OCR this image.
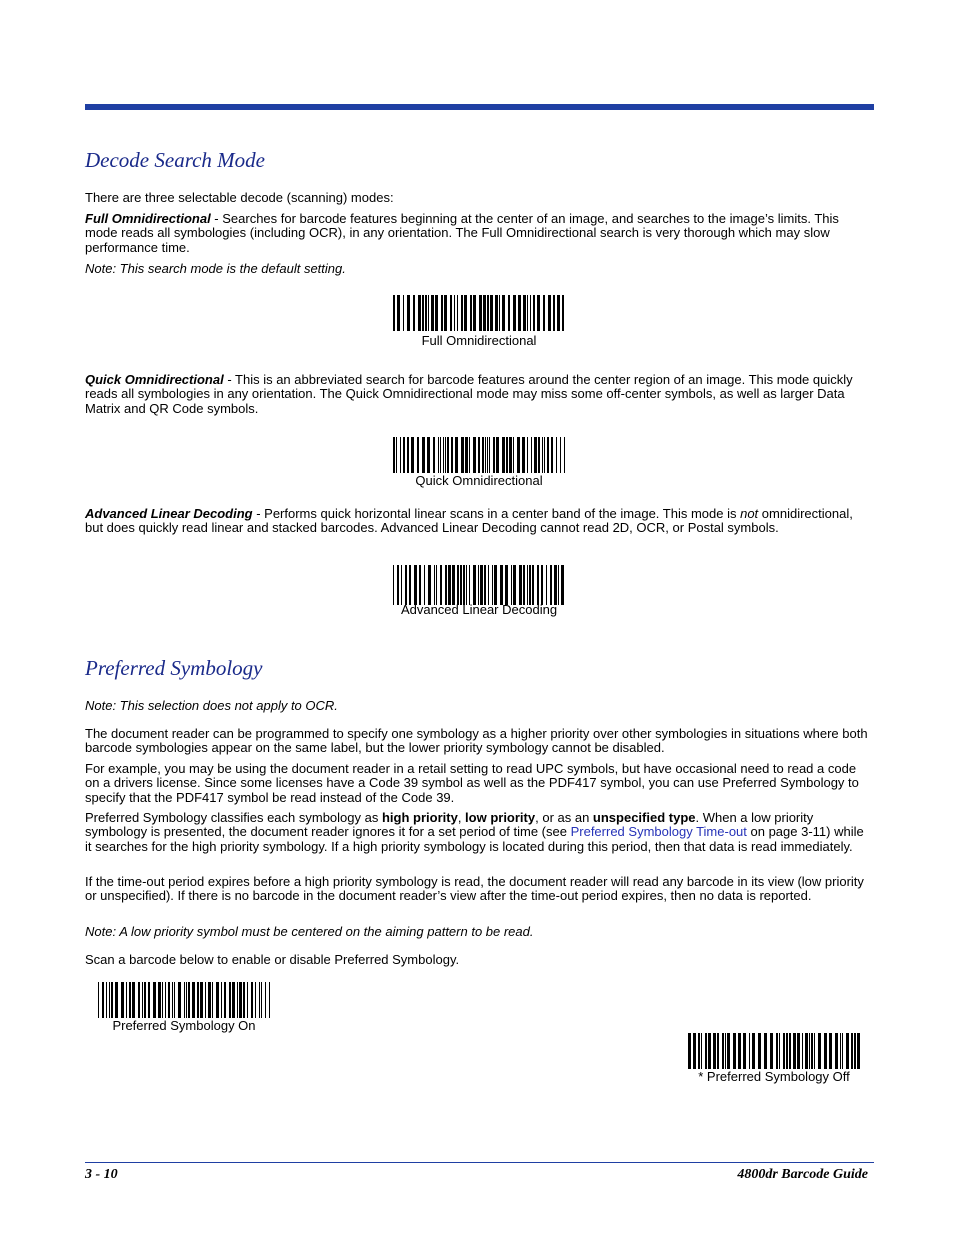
Decode Search Mode

There are three selectable decode (scanning) modes:

Full Omnidirectional - Searches for barcode features beginning at the center of an image, and searches to the image’s limits. This mode reads all symbologies (including OCR), in any orientation. The Full Omnidirectional search is very thorough which may slow performance time.

Note: This search mode is the default setting.

Full Omnidirectional

Quick Omnidirectional - This is an abbreviated search for barcode features around the center region of an image. This mode quickly reads all symbologies in any orientation. The Quick Omnidirectional mode may miss some off-center symbols, as well as larger Data Matrix and QR Code symbols.

Quick Omnidirectional

Advanced Linear Decoding - Performs quick horizontal linear scans in a center band of the image. This mode is not omnidirectional, but does quickly read linear and stacked barcodes. Advanced Linear Decoding cannot read 2D, OCR, or Postal symbols.

Advanced Linear Decoding
Preferred Symbology

Note: This selection does not apply to OCR.

The document reader can be programmed to specify one symbology as a higher priority over other symbologies in situations where both barcode symbologies appear on the same label, but the lower priority symbology cannot be disabled.

For example, you may be using the document reader in a retail setting to read UPC symbols, but have occasional need to read a code on a drivers license. Since some licenses have a Code 39 symbol as well as the PDF417 symbol, you can use Preferred Symbology to specify that the PDF417 symbol be read instead of the Code 39.

Preferred Symbology classifies each symbology as high priority, low priority, or as an unspecified type. When a low priority symbology is presented, the document reader ignores it for a set period of time (see Preferred Symbology Time-out on page 3-11) while it searches for the high priority symbology. If a high priority symbology is located during this period, then that data is read immediately.

If the time-out period expires before a high priority symbology is read, the document reader will read any barcode in its view (low priority or unspecified). If there is no barcode in the document reader’s view after the time-out period expires, then no data is reported.

Note: A low priority symbol must be centered on the aiming pattern to be read.

Scan a barcode below to enable or disable Preferred Symbology.

Preferred Symbology On
* Preferred Symbology Off
3 - 10	4800dr Barcode Guide
